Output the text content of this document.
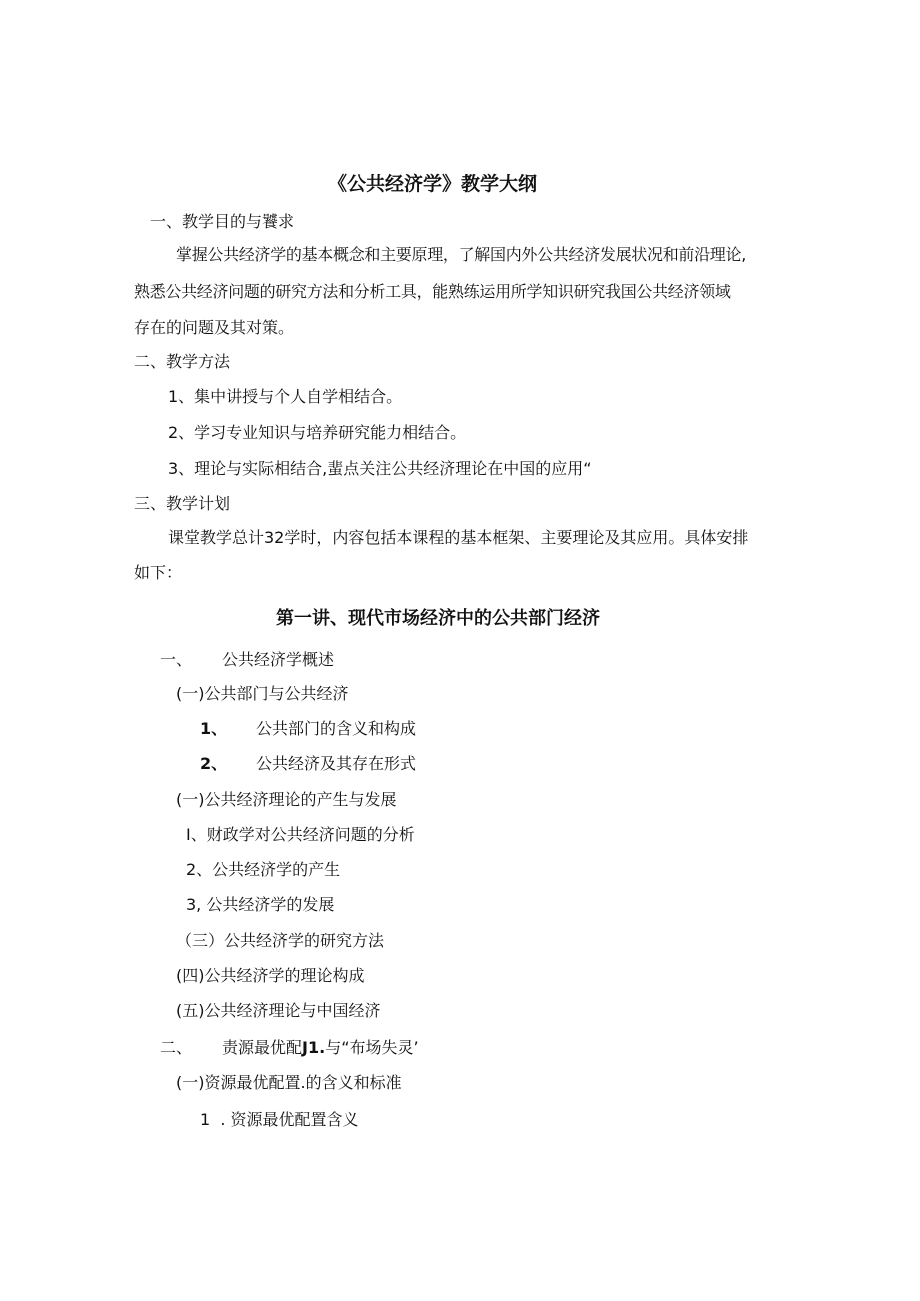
《公共经济学》教学大纲
一、教学目的与饕求
掌握公共经济学的基本概念和主要原理，了解国内外公共经济发展状况和前沿理论,
熟悉公共经济问题的研究方法和分析工具，能熟练运用所学知识研究我国公共经济领域
存在的问题及其对策。
二、教学方法
1、集中讲授与个人自学相结合。
2、学习专业知识与培养研究能力相结合。
3、理论与实际相结合,蜚点关注公共经济理论在中国的应用“
三、教学计划
课堂教学总计32学时，内容包括本课程的基本框架、主要理论及其应用。具体安排
如下：
第一讲、现代市场经济中的公共部门经济
一、 公共经济学概述
(一)公共部门与公共经济
1、 公共部门的含义和构成
2、 公共经济及其存在形式
(一)公共经济理论的产生与发展
I、财政学对公共经济问题的分析
2、公共经济学的产生
3, 公共经济学的发展
（三）公共经济学的研究方法
(四)公共经济学的理论构成
(五)公共经济理论与中国经济
二、 责源最优配J1.与“布场失灵’
(一)资源最优配置.的含义和标准
1  . 资源最优配置含义
